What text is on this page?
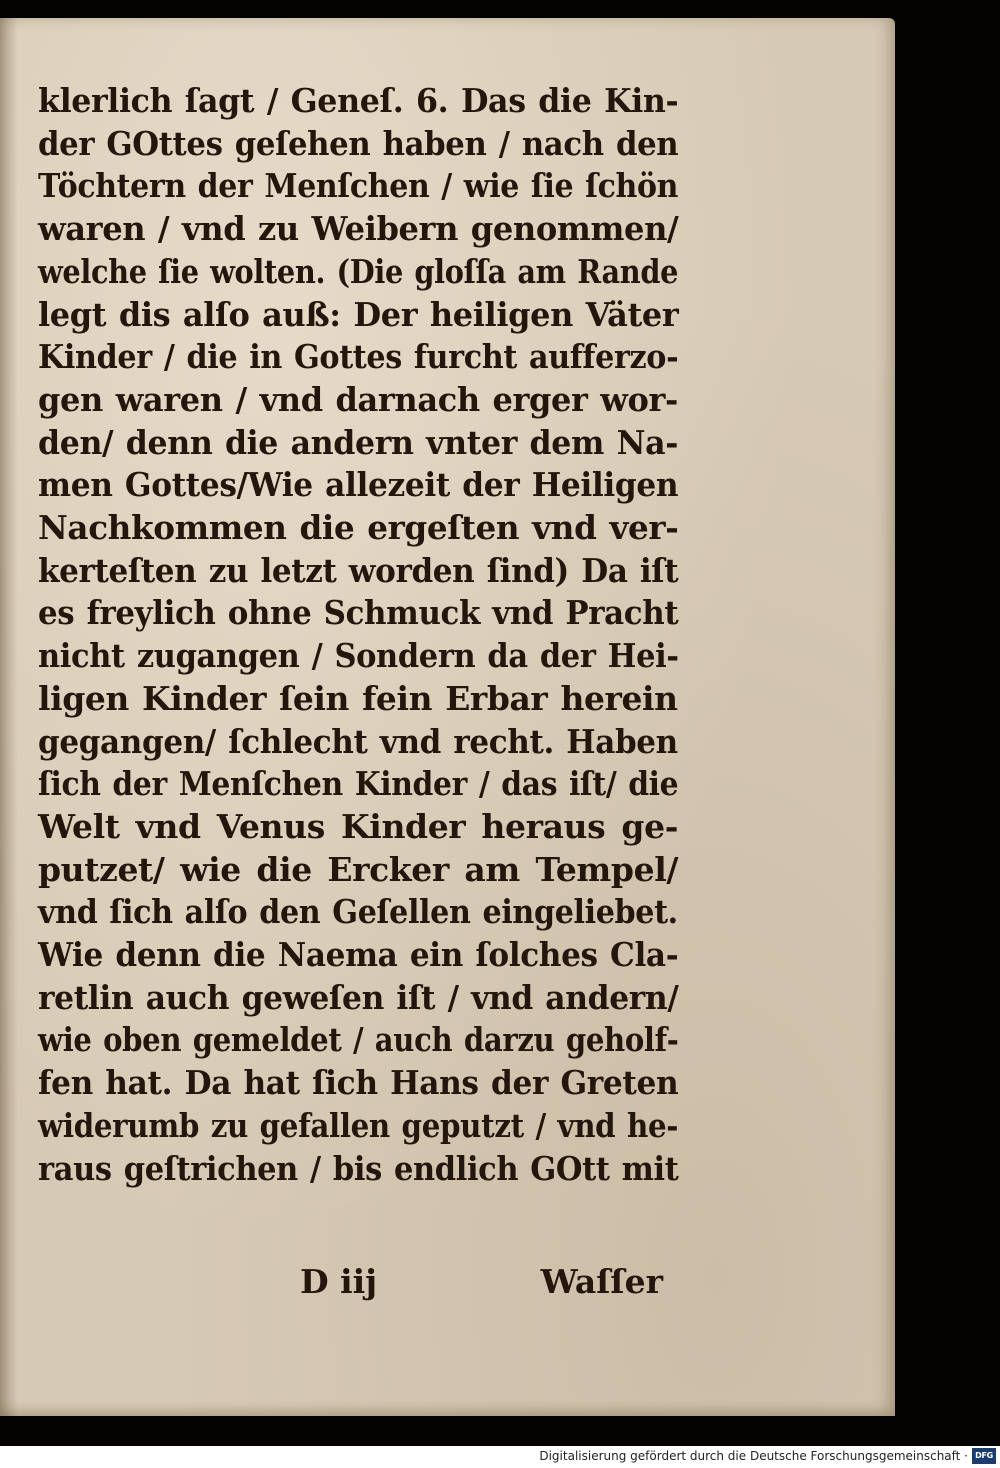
klerlich ſagt / Geneſ. 6. Das die Kin‑
der GOttes geſehen haben / nach den
Töchtern der Menſchen / wie ſie ſchön
waren / vnd zu Weibern genommen/
welche ſie wolten. (Die gloſſa am Rande
legt dis alſo auß: Der heiligen Väter
Kinder / die in Gottes furcht aufferzo‑
gen waren / vnd darnach erger wor‑
den/ denn die andern vnter dem Na‑
men Gottes/Wie allezeit der Heiligen
Nachkommen die ergeſten vnd ver‑
kerteſten zu letzt worden ſind) Da iſt
es freylich ohne Schmuck vnd Pracht
nicht zugangen / Sondern da der Hei‑
ligen Kinder ſein fein Erbar herein
gegangen/ ſchlecht vnd recht. Haben
ſich der Menſchen Kinder / das iſt/ die
Welt vnd Venus Kinder heraus ge‑
putzet/ wie die Ercker am Tempel/
vnd ſich alſo den Geſellen eingeliebet.
Wie denn die Naema ein ſolches Cla‑
retlin auch geweſen iſt / vnd andern/
wie oben gemeldet / auch darzu geholf‑
fen hat. Da hat ſich Hans der Greten
widerumb zu gefallen geputzt / vnd he‑
raus geſtrichen / bis endlich GOtt mit
D iij	Waſſer
Digitalisierung gefördert durch die Deutsche Forschungsgemeinschaft · DFG
